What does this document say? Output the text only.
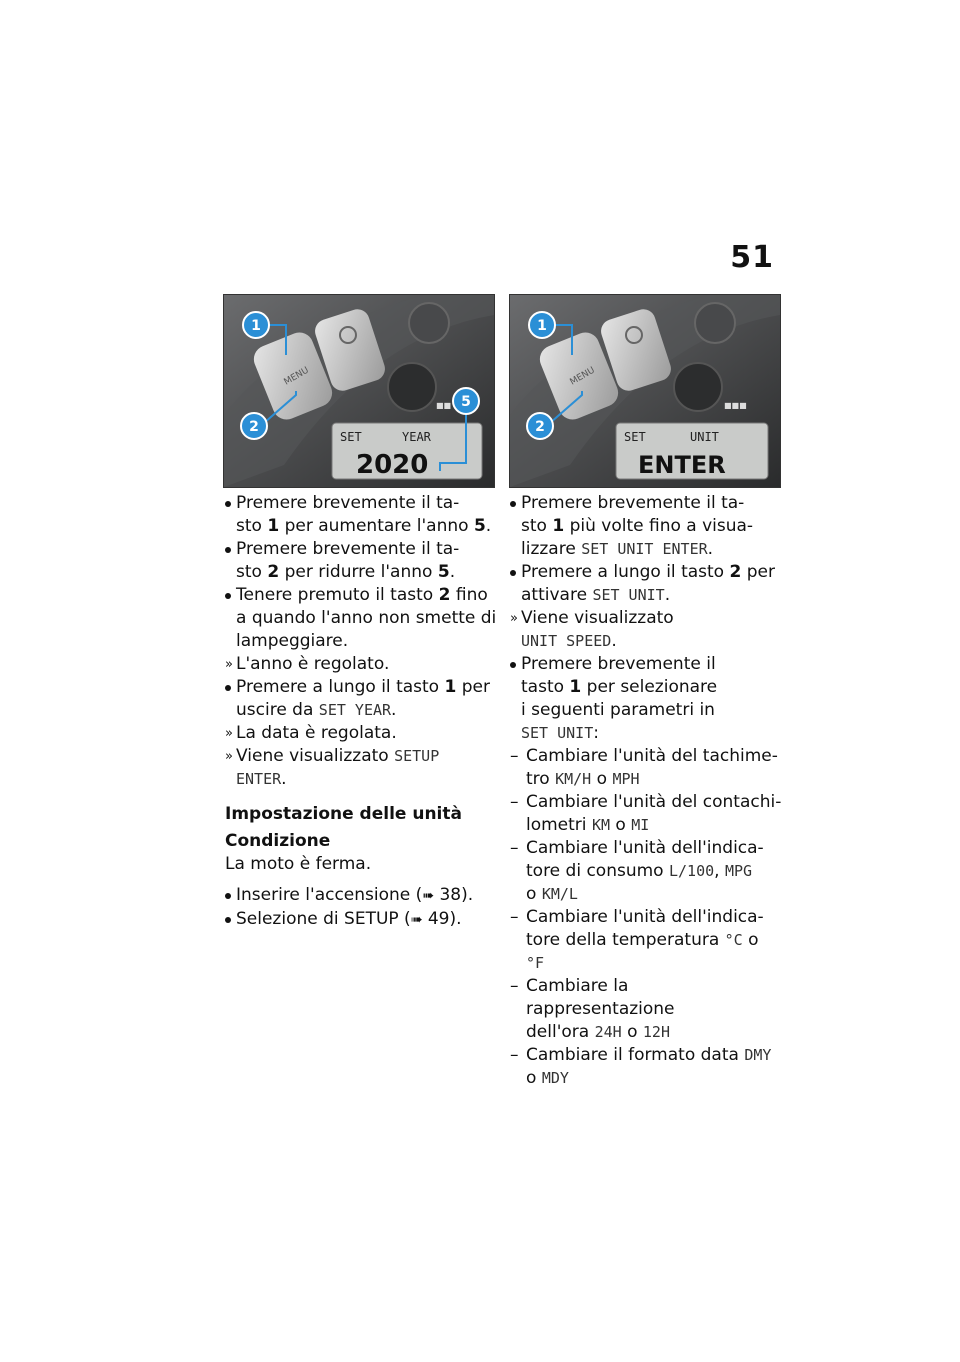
51
MENU
■■
SET	YEAR
2020
1
2
5
MENU
■■■
SET	UNIT
ENTER
1
2
Premere brevemente il ta-
sto 1 per aumentare l'anno 5.
Premere brevemente il ta-
sto 2 per ridurre l'anno 5.
Tenere premuto il tasto 2 fino
a quando l'anno non smette di
lampeggiare.
» L'anno è regolato.
Premere a lungo il tasto 1 per
uscire da SET YEAR.
» La data è regolata.
» Viene visualizzato SETUP
ENTER.
Impostazione delle unità
Condizione
La moto è ferma.
Inserire l'accensione (➠ 38).
Selezione di SETUP (➠ 49).
Premere brevemente il ta-
sto 1 più volte fino a visua-
lizzare SET UNIT ENTER.
Premere a lungo il tasto 2 per
attivare SET UNIT.
» Viene visualizzato
UNIT SPEED.
Premere brevemente il
tasto 1 per selezionare
i seguenti parametri in
SET UNIT:
– Cambiare l'unità del tachime-
tro KM/H o MPH
– Cambiare l'unità del contachi-
lometri KM o MI
– Cambiare l'unità dell'indica-
tore di consumo L/100, MPG
o KM/L
– Cambiare l'unità dell'indica-
tore della temperatura °C o
°F
– Cambiare la rappresentazione
dell'ora 24H o 12H
– Cambiare il formato data DMY
o MDY
